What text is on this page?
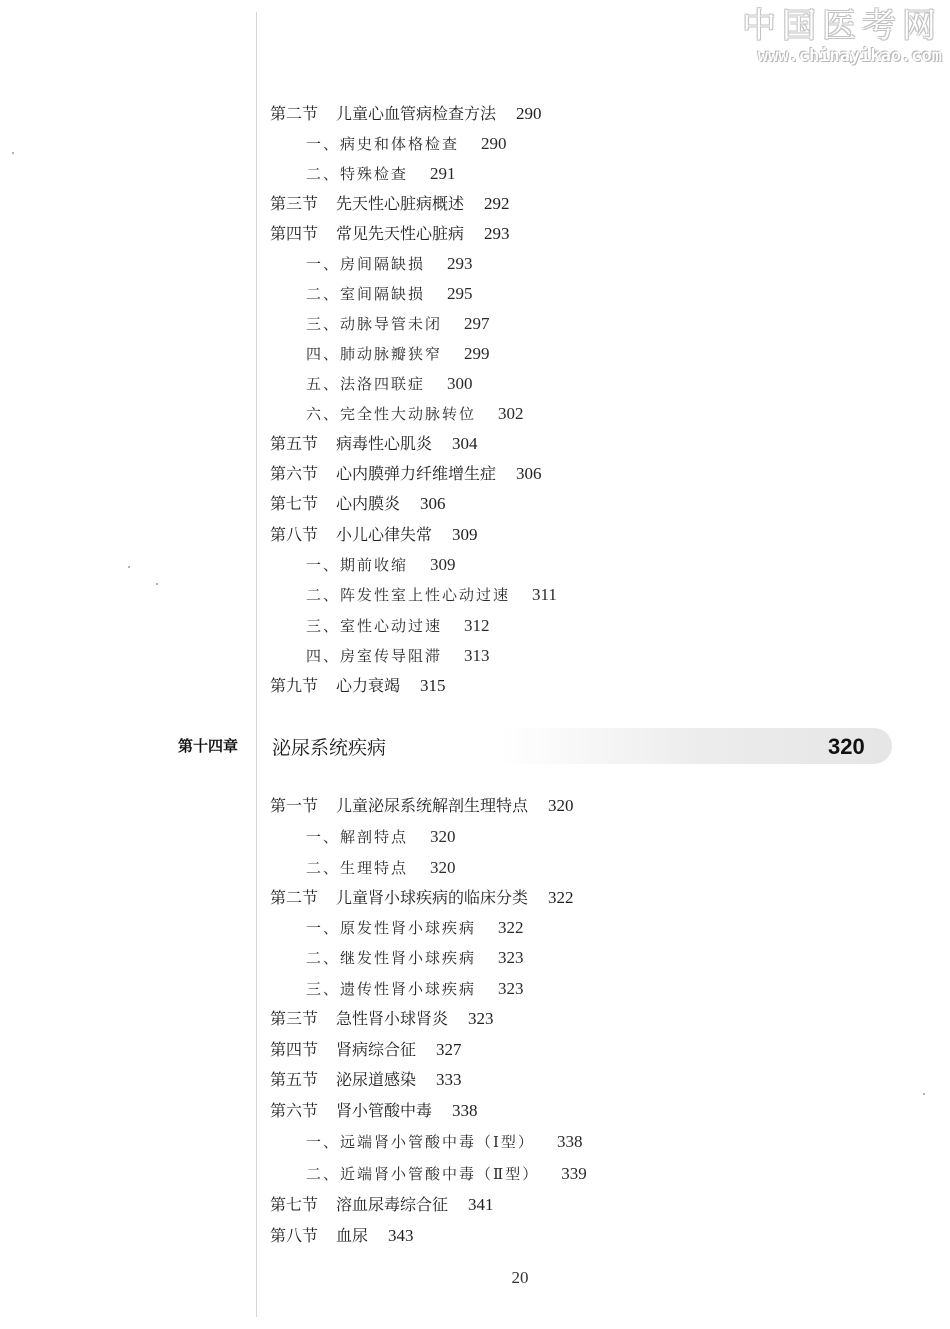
中国医考网
www.chinayikao.com
第二节 儿童心血管病检查方法 290
一、病史和体格检查 290
二、特殊检查 291
第三节 先天性心脏病概述 292
第四节 常见先天性心脏病 293
一、房间隔缺损 293
二、室间隔缺损 295
三、动脉导管未闭 297
四、肺动脉瓣狭窄 299
五、法洛四联症 300
六、完全性大动脉转位 302
第五节 病毒性心肌炎 304
第六节 心内膜弹力纤维增生症 306
第七节 心内膜炎 306
第八节 小儿心律失常 309
一、期前收缩 309
二、阵发性室上性心动过速 311
三、室性心动过速 312
四、房室传导阻滞 313
第九节 心力衰竭 315
第十四章 泌尿系统疾病	320
第一节 儿童泌尿系统解剖生理特点 320
一、解剖特点 320
二、生理特点 320
第二节 儿童肾小球疾病的临床分类 322
一、原发性肾小球疾病 322
二、继发性肾小球疾病 323
三、遗传性肾小球疾病 323
第三节 急性肾小球肾炎 323
第四节 肾病综合征 327
第五节 泌尿道感染 333
第六节 肾小管酸中毒 338
一、远端肾小管酸中毒（Ⅰ型） 338
二、近端肾小管酸中毒（Ⅱ型） 339
第七节 溶血尿毒综合征 341
第八节 血尿 343
20
